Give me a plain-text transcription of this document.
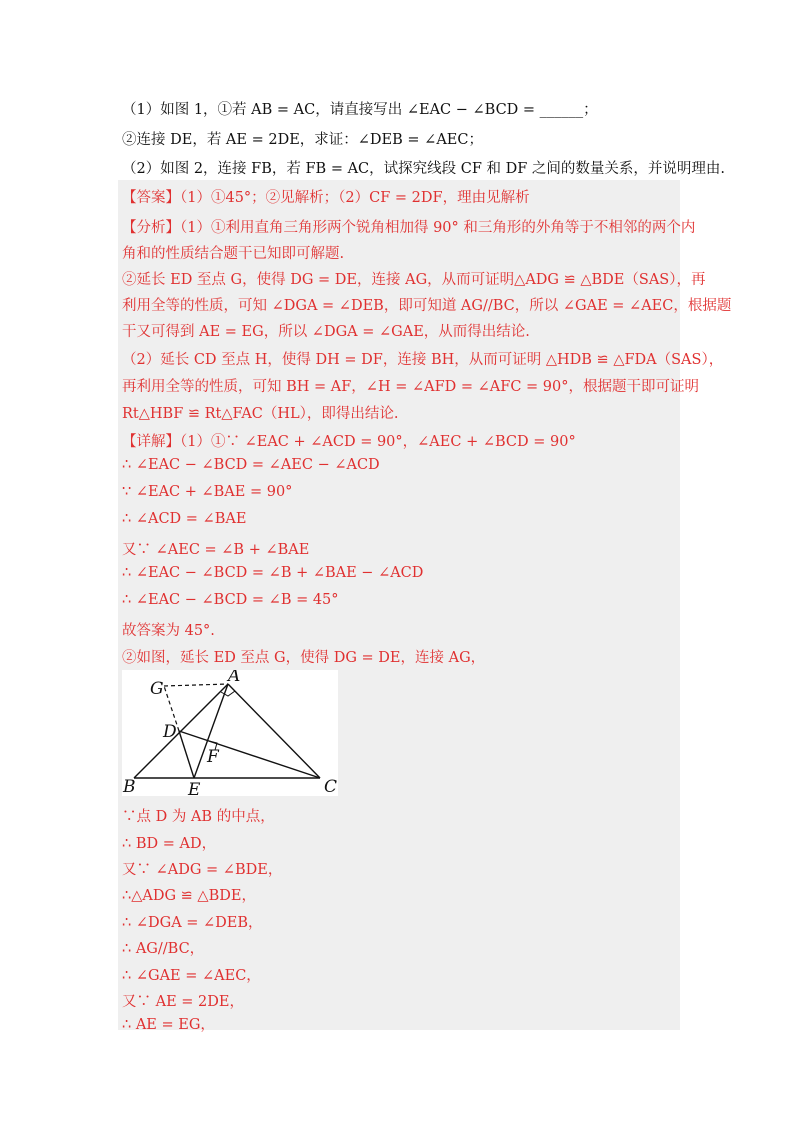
（1）如图 1，①若 AB = AC，请直接写出 ∠EAC − ∠BCD = ______；
②连接 DE，若 AE = 2DE，求证：∠DEB = ∠AEC；
（2）如图 2，连接 FB，若 FB = AC，试探究线段 CF 和 DF 之间的数量关系，并说明理由.
【答案】（1）①45°；②见解析；（2）CF = 2DF，理由见解析
【分析】（1）①利用直角三角形两个锐角相加得 90° 和三角形的外角等于不相邻的两个内
角和的性质结合题干已知即可解题.
②延长 ED 至点 G，使得 DG = DE，连接 AG，从而可证明△ADG ≌ △BDE（SAS），再
利用全等的性质，可知 ∠DGA = ∠DEB，即可知道 AG//BC，所以 ∠GAE = ∠AEC，根据题
干又可得到 AE = EG，所以 ∠DGA = ∠GAE，从而得出结论.
（2）延长 CD 至点 H，使得 DH = DF，连接 BH，从而可证明 △HDB ≌ △FDA（SAS），
再利用全等的性质，可知 BH = AF，∠H = ∠AFD = ∠AFC = 90°，根据题干即可证明
Rt△HBF ≌ Rt△FAC（HL），即得出结论.
【详解】（1）①∵ ∠EAC + ∠ACD = 90°，∠AEC + ∠BCD = 90°
∴ ∠EAC − ∠BCD = ∠AEC − ∠ACD
∵ ∠EAC + ∠BAE = 90°
∴ ∠ACD = ∠BAE
又∵ ∠AEC = ∠B + ∠BAE
∴ ∠EAC − ∠BCD = ∠B + ∠BAE − ∠ACD
∴ ∠EAC − ∠BCD = ∠B = 45°
故答案为 45°.
②如图，延长 ED 至点 G，使得 DG = DE，连接 AG，
A
B	C
D
E
F
G
∵点 D 为 AB 的中点，
∴ BD = AD，
又∵ ∠ADG = ∠BDE，
∴△ADG ≌ △BDE，
∴ ∠DGA = ∠DEB，
∴ AG//BC，
∴ ∠GAE = ∠AEC，
又∵ AE = 2DE，
∴ AE = EG，
